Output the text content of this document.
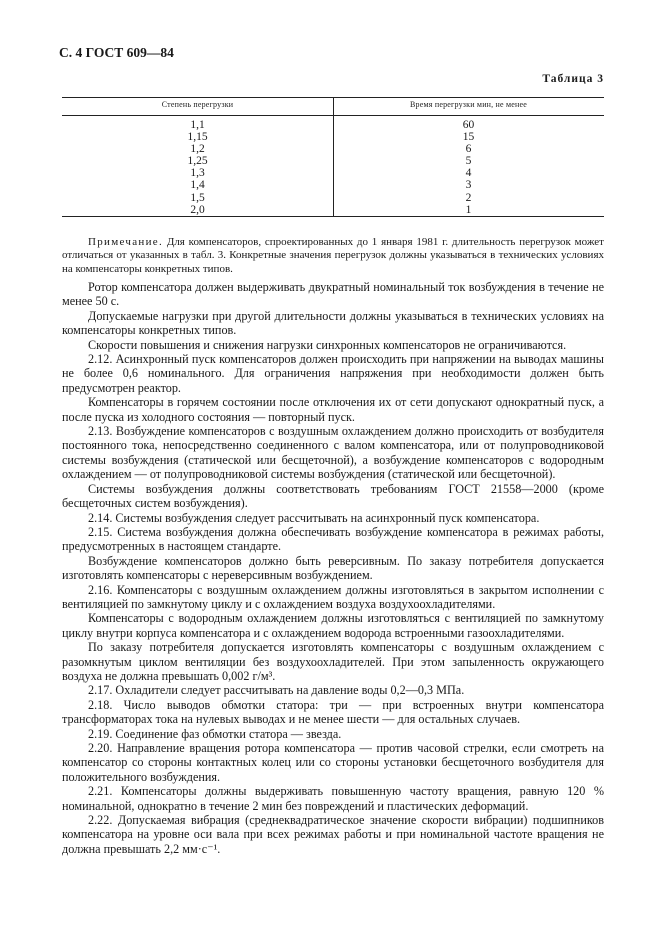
С. 4 ГОСТ 609—84
Таблица 3
Степень перегрузки	Время перегрузки мин, не менее
1,1	60
1,15	15
1,2	6
1,25	5
1,3	4
1,4	3
1,5	2
2,0	1
Примечание. Для компенсаторов, спроектированных до 1 января 1981 г. длительность перегрузок может отличаться от указанных в табл. 3. Конкретные значения перегрузок должны указываться в технических условиях на компенсаторы конкретных типов.

Ротор компенсатора должен выдерживать двукратный номинальный ток возбуждения в течение не менее 50 с.

Допускаемые нагрузки при другой длительности должны указываться в технических условиях на компенсаторы конкретных типов.

Скорости повышения и снижения нагрузки синхронных компенсаторов не ограничиваются.

2.12. Асинхронный пуск компенсаторов должен происходить при напряжении на выводах машины не более 0,6 номинального. Для ограничения напряжения при необходимости должен быть предусмотрен реактор.

Компенсаторы в горячем состоянии после отключения их от сети допускают однократный пуск, а после пуска из холодного состояния — повторный пуск.

2.13. Возбуждение компенсаторов с воздушным охлаждением должно происходить от возбудителя постоянного тока, непосредственно соединенного с валом компенсатора, или от полупроводниковой системы возбуждения (статической или бесщеточной), а возбуждение компенсаторов с водородным охлаждением — от полупроводниковой системы возбуждения (статической или бесщеточной).

Системы возбуждения должны соответствовать требованиям ГОСТ 21558—2000 (кроме бесщеточных систем возбуждения).

2.14. Системы возбуждения следует рассчитывать на асинхронный пуск компенсатора.

2.15. Система возбуждения должна обеспечивать возбуждение компенсатора в режимах работы, предусмотренных в настоящем стандарте.

Возбуждение компенсаторов должно быть реверсивным. По заказу потребителя допускается изготовлять компенсаторы с нереверсивным возбуждением.

2.16. Компенсаторы с воздушным охлаждением должны изготовляться в закрытом исполнении с вентиляцией по замкнутому циклу и с охлаждением воздуха воздухоохладителями.

Компенсаторы с водородным охлаждением должны изготовляться с вентиляцией по замкнутому циклу внутри корпуса компенсатора и с охлаждением водорода встроенными газоохладителями.

По заказу потребителя допускается изготовлять компенсаторы с воздушным охлаждением с разомкнутым циклом вентиляции без воздухоохладителей. При этом запыленность окружающего воздуха не должна превышать 0,002 г/м³.

2.17. Охладители следует рассчитывать на давление воды 0,2—0,3 МПа.

2.18. Число выводов обмотки статора: три — при встроенных внутри компенсатора трансформаторах тока на нулевых выводах и не менее шести — для остальных случаев.

2.19. Соединение фаз обмотки статора — звезда.

2.20. Направление вращения ротора компенсатора — против часовой стрелки, если смотреть на компенсатор со стороны контактных колец или со стороны установки бесщеточного возбудителя для положительного возбуждения.

2.21. Компенсаторы должны выдерживать повышенную частоту вращения, равную 120 % номинальной, однократно в течение 2 мин без повреждений и пластических деформаций.

2.22. Допускаемая вибрация (среднеквадратическое значение скорости вибрации) подшипников компенсатора на уровне оси вала при всех режимах работы и при номинальной частоте вращения не должна превышать 2,2 мм·с⁻¹.
